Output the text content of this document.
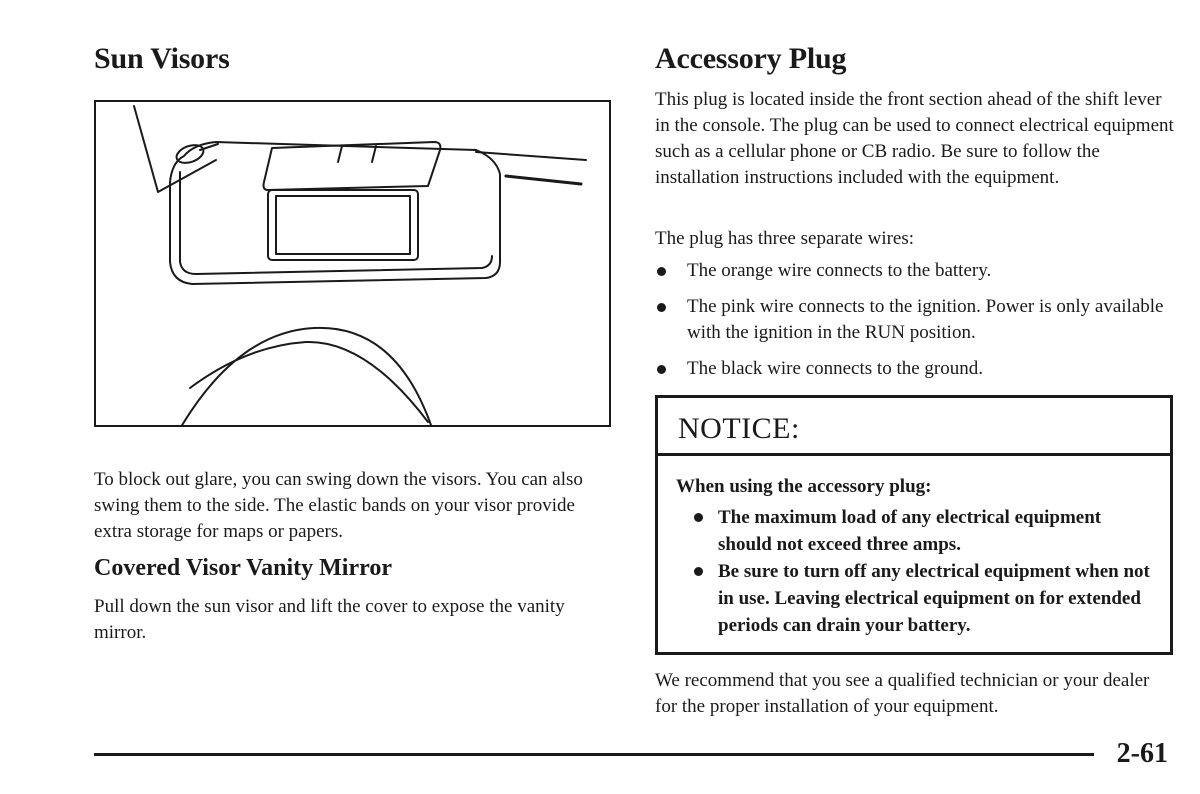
Sun Visors

To block out glare, you can swing down the visors. You can also swing them to the side. The elastic bands on your visor provide extra storage for maps or papers.

Covered Visor Vanity Mirror

Pull down the sun visor and lift the cover to expose the vanity mirror.

Accessory Plug

This plug is located inside the front section ahead of the shift lever in the console. The plug can be used to connect electrical equipment such as a cellular phone or CB radio. Be sure to follow the installation instructions included with the equipment.

The plug has three separate wires:

The orange wire connects to the battery.
The pink wire connects to the ignition. Power is only available with the ignition in the RUN position.
The black wire connects to the ground.
NOTICE:

When using the accessory plug:

The maximum load of any electrical equipment should not exceed three amps.
Be sure to turn off any electrical equipment when not in use. Leaving electrical equipment on for extended periods can drain your battery.

We recommend that you see a qualified technician or your dealer for the proper installation of your equipment.

2-61
